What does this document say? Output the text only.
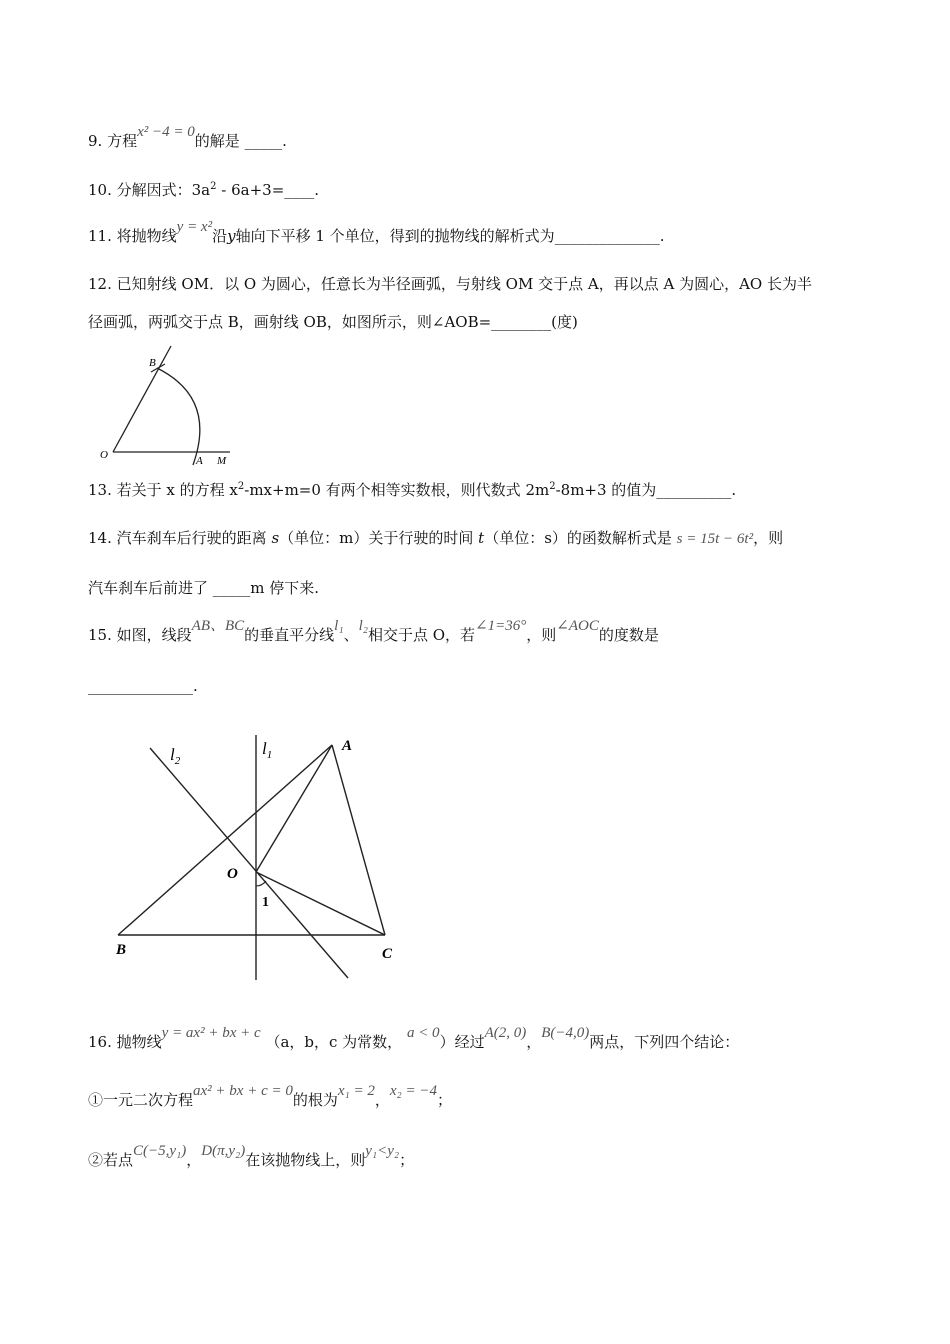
9. 方程x² −4 = 0的解是 _____.
10. 分解因式：$3a^2$ - 6a+3=____.
11. 将抛物线y = x²沿y轴向下平移 1 个单位，得到的抛物线的解析式为______________.
12. 已知射线 OM．以 O 为圆心，任意长为半径画弧，与射线 OM 交于点 A，再以点 A 为圆心，AO 长为半
径画弧，两弧交于点 B，画射线 OB，如图所示，则∠AOB=________(度)
B
O	A M
13. 若关于 x 的方程 $x^2-mx+m=0$ 有两个相等实数根，则代数式 $2m^2-8m+3$ 的值为__________.
14. 汽车刹车后行驶的距离 s（单位：m）关于行驶的时间 t（单位：s）的函数解析式是 s = 15t − 6t²，则
汽车刹车后前进了 _____m 停下来.
15. 如图，线段AB、BC的垂直平分线l₁、l₂相交于点 O，若∠1=36°，则∠AOC的度数是
______________.
$l_2$
$l_1$
A
O
1
B	C
16. 抛物线y = ax² + bx + c （a，b，c 为常数， a < 0）经过A(2, 0)，B(−4,0)两点，下列四个结论：
①一元二次方程ax² + bx + c = 0的根为x₁ = 2，x₂ = −4；
②若点C(−5,y₁)，D(π,y₂)在该抛物线上，则y₁<y₂；
